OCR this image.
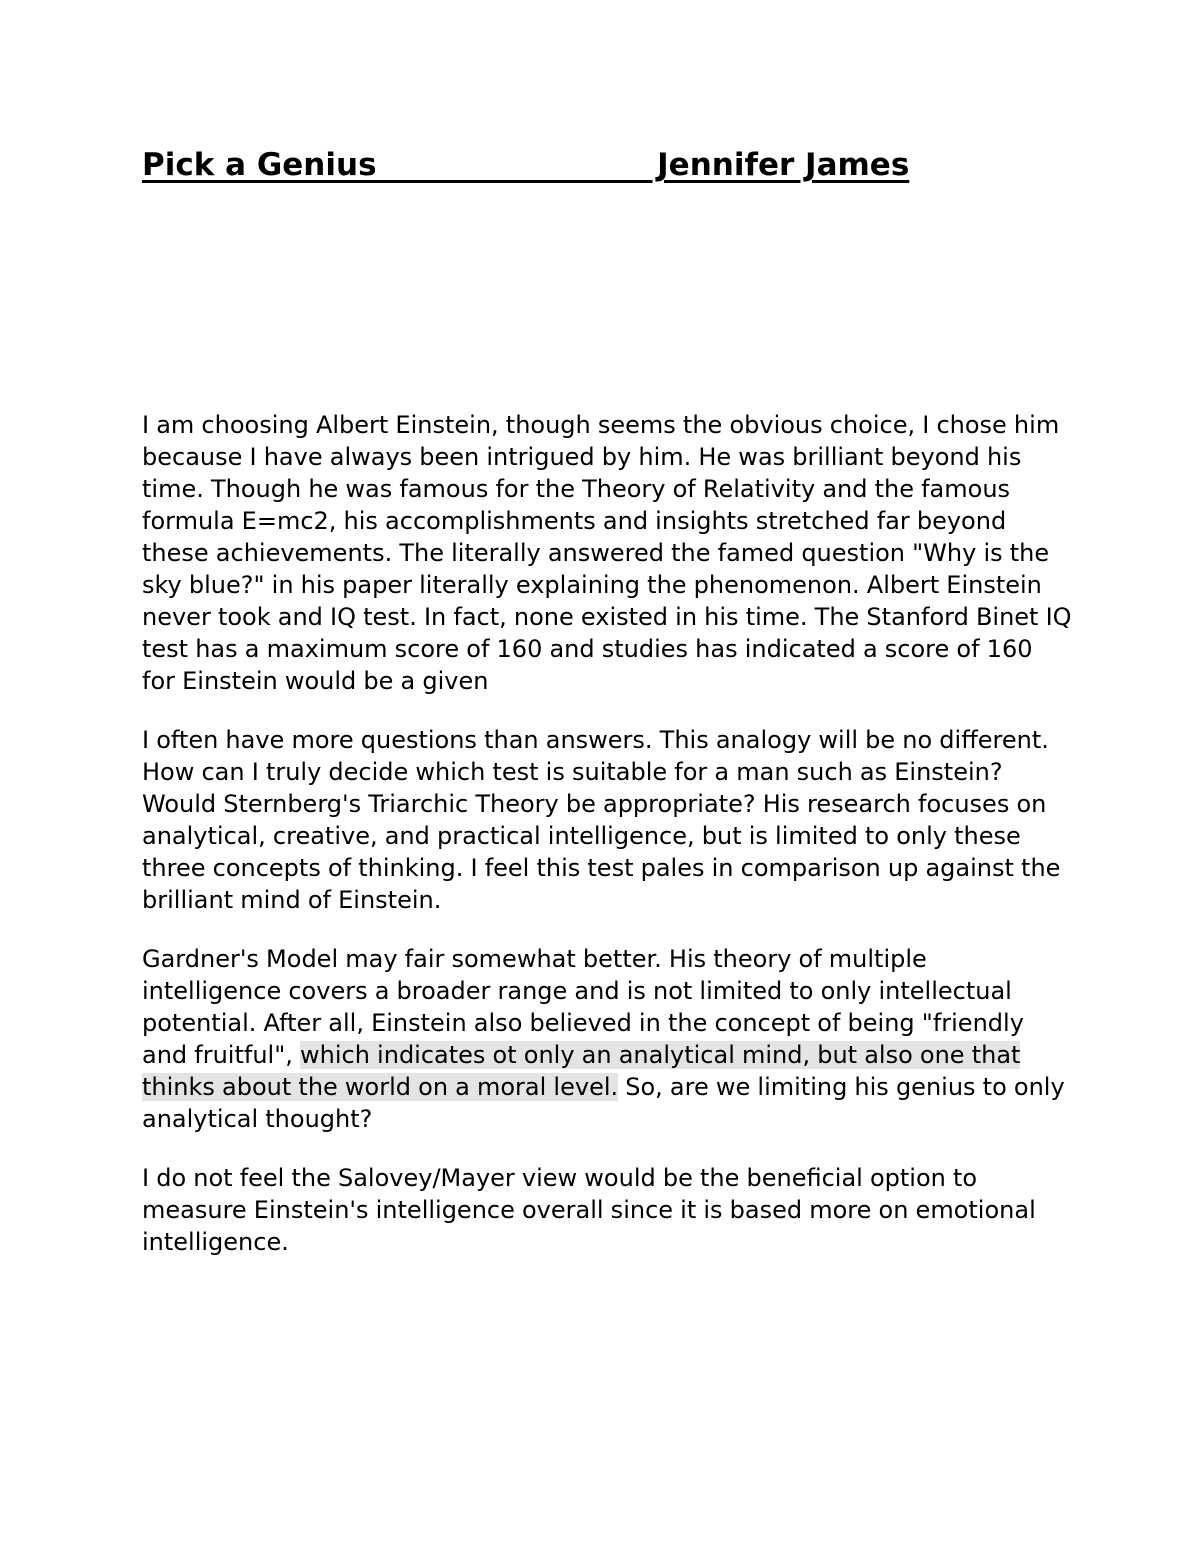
Pick a Genius                          Jennifer James

I am choosing Albert Einstein, though seems the obvious choice, I chose him because I have always been intrigued by him. He was brilliant beyond his time. Though he was famous for the Theory of Relativity and the famous formula E=mc2, his accomplishments and insights stretched far beyond these achievements. The literally answered the famed question "Why is the sky blue?" in his paper literally explaining the phenomenon. Albert Einstein never took and IQ test. In fact, none existed in his time. The Stanford Binet IQ test has a maximum score of 160 and studies has indicated a score of 160 for Einstein would be a given

I often have more questions than answers. This analogy will be no different. How can I truly decide which test is suitable for a man such as Einstein? Would Sternberg's Triarchic Theory be appropriate? His research focuses on analytical, creative, and practical intelligence, but is limited to only these three concepts of thinking. I feel this test pales in comparison up against the brilliant mind of Einstein.

Gardner's Model may fair somewhat better. His theory of multiple intelligence covers a broader range and is not limited to only intellectual potential. After all, Einstein also believed in the concept of being "friendly and fruitful", which indicates ot only an analytical mind, but also one that thinks about the world on a moral level. So, are we limiting his genius to only analytical thought?

I do not feel the Salovey/Mayer view would be the beneficial option to measure Einstein's intelligence overall since it is based more on emotional intelligence.
